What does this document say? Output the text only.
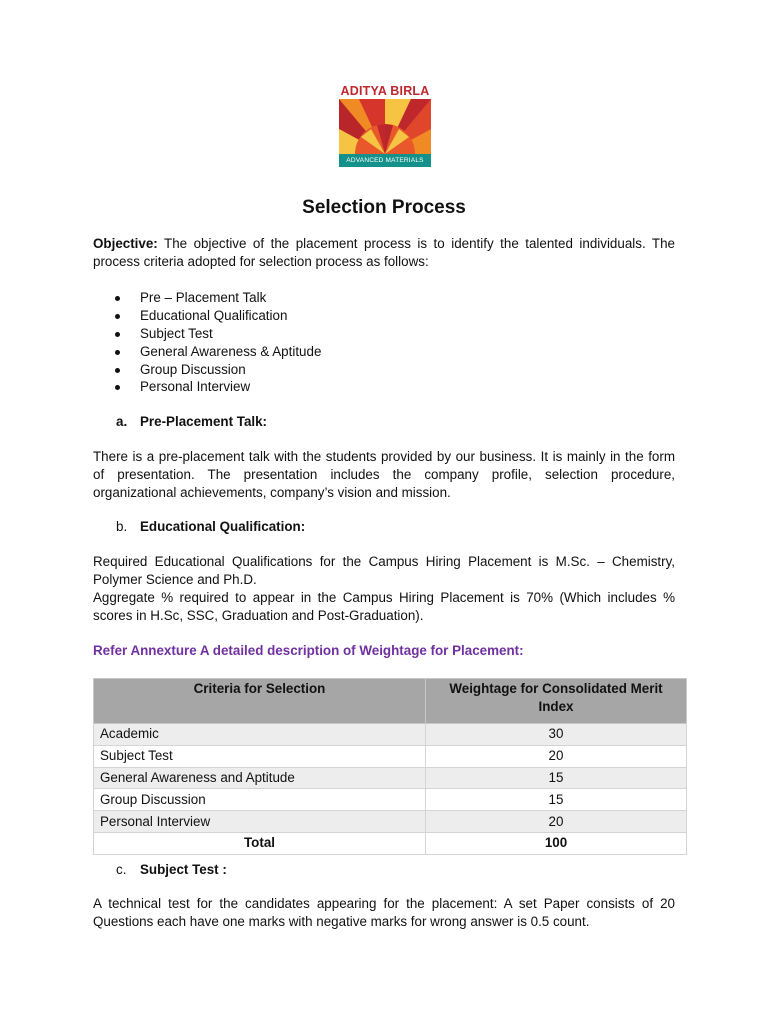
ADITYA BIRLA
ADVANCED MATERIALS
Selection Process
Objective: The objective of the placement process is to identify the talented individuals. The process criteria adopted for selection process as follows:
Pre – Placement Talk
Educational Qualification
Subject Test
General Awareness & Aptitude
Group Discussion
Personal Interview
a. Pre-Placement Talk:
There is a pre-placement talk with the students provided by our business. It is mainly in the form of presentation. The presentation includes the company profile, selection procedure, organizational achievements, company’s vision and mission.
b. Educational Qualification:
Required Educational Qualifications for the Campus Hiring Placement is M.Sc. – Chemistry, Polymer Science and Ph.D.
Aggregate % required to appear in the Campus Hiring Placement is 70% (Which includes % scores in H.Sc, SSC, Graduation and Post-Graduation).
Refer Annexture A detailed description of Weightage for Placement:
Criteria for Selection	Weightage for Consolidated Merit Index
Academic	30
Subject Test	20
General Awareness and Aptitude	15
Group Discussion	15
Personal Interview	20
Total	100
c. Subject Test :
A technical test for the candidates appearing for the placement: A set Paper consists of 20 Questions each have one marks with negative marks for wrong answer is 0.5 count.
